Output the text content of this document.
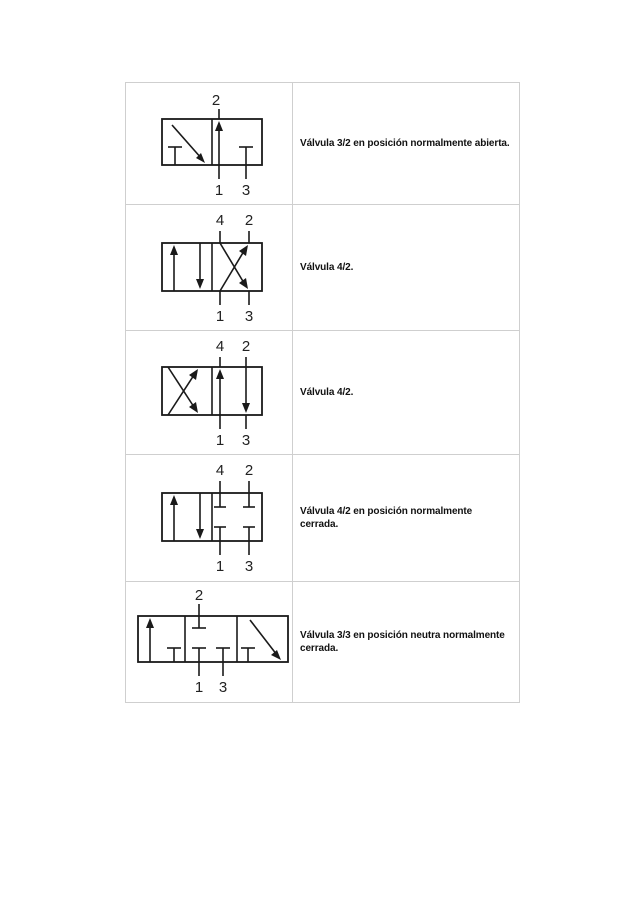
2
1 3	Válvula 3/2 en posición normalmente abierta.

4 2
1 3	Válvula 4/2.

4 2
1 3	Válvula 4/2.

4 2
1 3	Válvula 4/2 en posición normalmente cerrada.

2
1 3	Válvula 3/3 en posición neutra normalmente cerrada.
